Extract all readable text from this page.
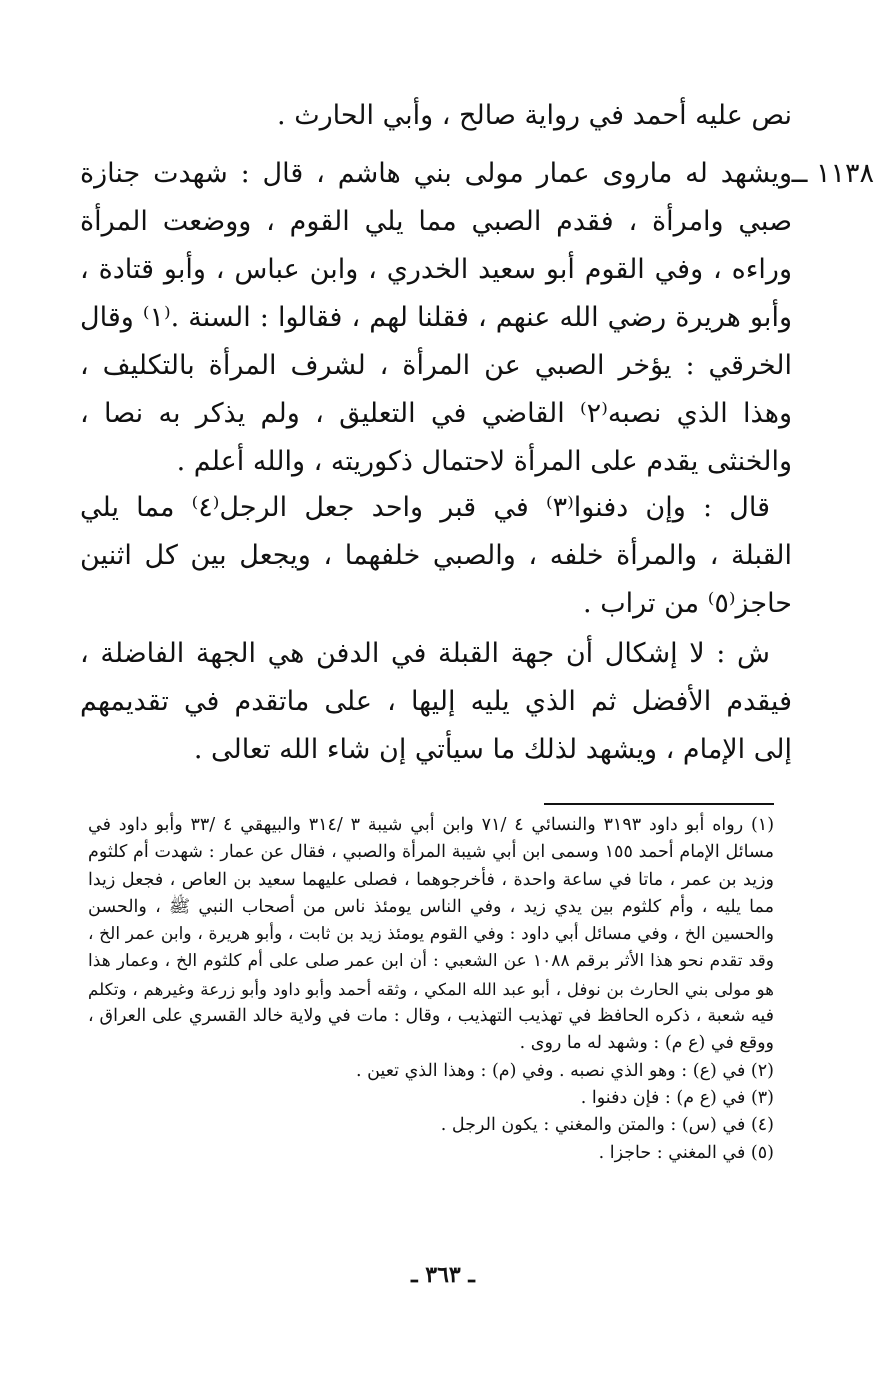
نص عليه أحمد في رواية صالح ، وأبي الحارث .
١١٣٨ ــ
ويشهد له ماروى عمار مولى بني هاشم ، قال : شهدت جنازة
صبي وامرأة ، فقدم الصبي مما يلي القوم ، ووضعت المرأة
وراءه ، وفي القوم أبو سعيد الخدري ، وابن عباس ، وأبو قتادة ،
وأبو هريرة رضي الله عنهم ، فقلنا لهم ، فقالوا : السنة .⁽١⁾ وقال
الخرقي : يؤخر الصبي عن المرأة ، لشرف المرأة بالتكليف ،
وهذا الذي نصبه⁽٢⁾ القاضي في التعليق ، ولم يذكر به نصا ،
والخنثى يقدم على المرأة لاحتمال ذكوريته ، والله أعلم .
قال : وإن دفنوا⁽٣⁾ في قبر واحد جعل الرجل⁽٤⁾ مما يلي
القبلة ، والمرأة خلفه ، والصبي خلفهما ، ويجعل بين كل اثنين
حاجز⁽٥⁾ من تراب .
ش : لا إشكال أن جهة القبلة في الدفن هي الجهة الفاضلة ،
فيقدم الأفضل ثم الذي يليه إليها ، على ماتقدم في تقديمهم
إلى الإمام ، ويشهد لذلك ما سيأتي إن شاء الله تعالى .
(١) رواه أبو داود ٣١٩٣ والنسائي ٤ /٧١ وابن أبي شيبة ٣ /٣١٤ والبيهقي ٤ /٣٣ وأبو داود في
مسائل الإمام أحمد ١٥٥ وسمى ابن أبي شيبة المرأة والصبي ، فقال عن عمار : شهدت أم كلثوم
وزيد بن عمر ، ماتا في ساعة واحدة ، فأخرجوهما ، فصلى عليهما سعيد بن العاص ، فجعل زيدا
مما يليه ، وأم كلثوم بين يدي زيد ، وفي الناس يومئذ ناس من أصحاب النبي ﷺ ، والحسن
والحسين الخ ، وفي مسائل أبي داود : وفي القوم يومئذ زيد بن ثابت ، وأبو هريرة ، وابن عمر الخ ،
وقد تقدم نحو هذا الأثر برقم ١٠٨٨ عن الشعبي : أن ابن عمر صلى على أم كلثوم الخ ، وعمار هذا
هو مولى بني الحارث بن نوفل ، أبو عبد الله المكي ، وثقه أحمد وأبو داود وأبو زرعة وغيرهم ، وتكلم
فيه شعبة ، ذكره الحافظ في تهذيب التهذيب ، وقال : مات في ولاية خالد القسري على العراق ،
ووقع في (ع م) : وشهد له ما روى .
(٢) في (ع) : وهو الذي نصبه . وفي (م) : وهذا الذي تعين .
(٣) في (ع م) : فإن دفنوا .
(٤) في (س) : والمتن والمغني : يكون الرجل .
(٥) في المغني : حاجزا .
ـ ٣٦٣ ـ
